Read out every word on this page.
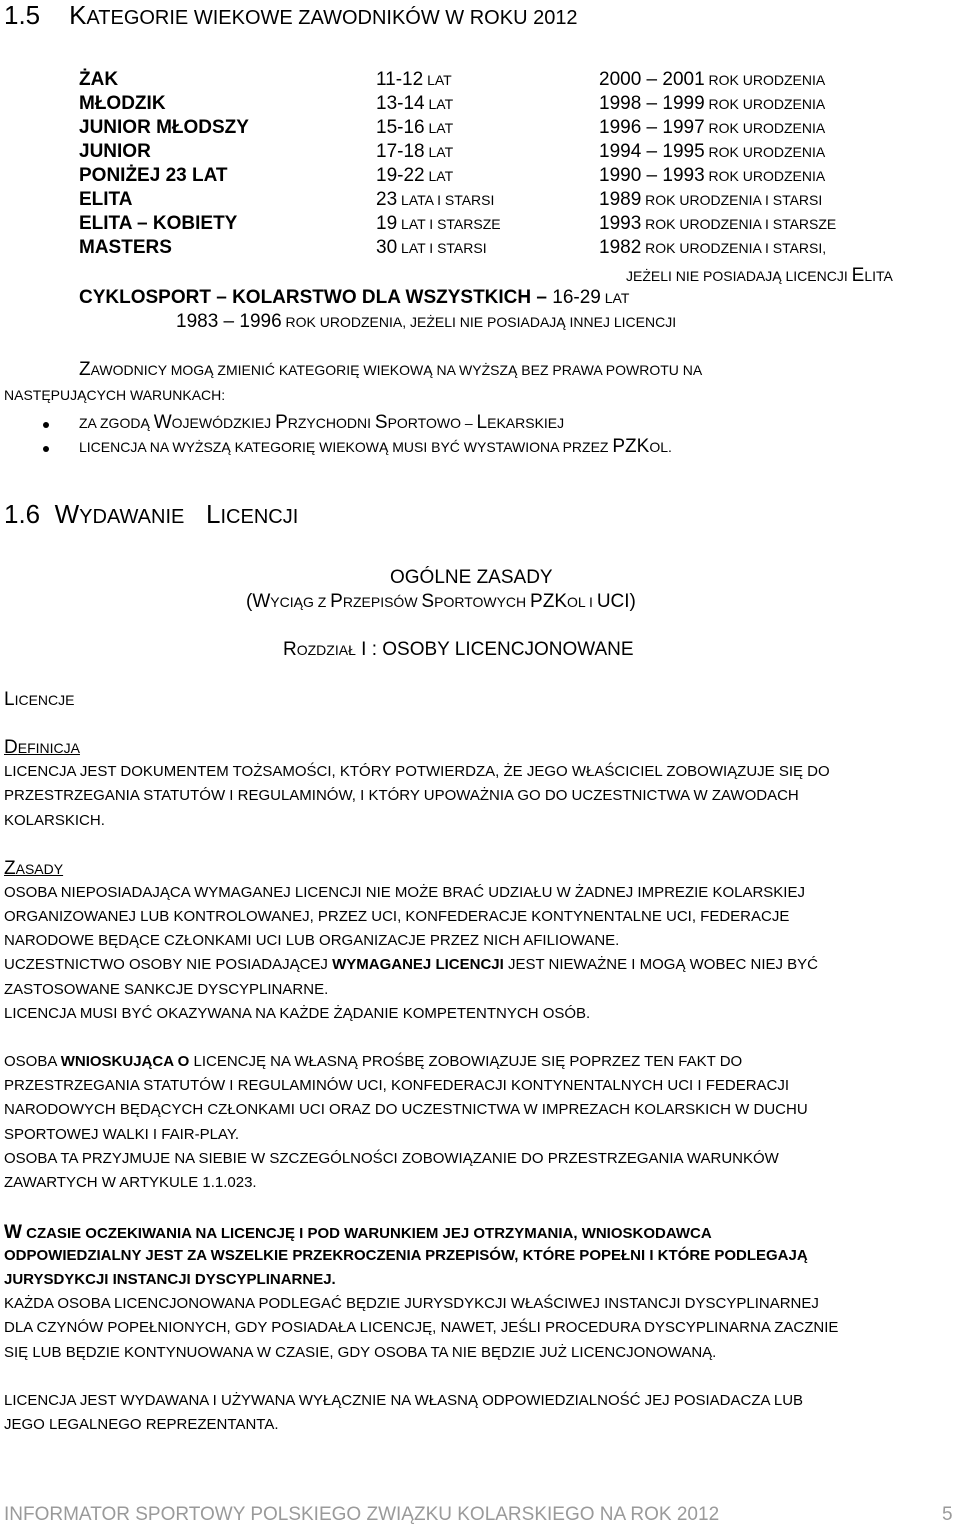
1.5 KATEGORIE WIEKOWE ZAWODNIKÓW W ROKU 2012
ŻAK	11-12 LAT	2000 – 2001 ROK URODZENIA
MŁODZIK	13-14 LAT	1998 – 1999 ROK URODZENIA
JUNIOR MŁODSZY	15-16 LAT	1996 – 1997 ROK URODZENIA
JUNIOR	17-18 LAT	1994 – 1995 ROK URODZENIA
PONIŻEJ 23 LAT	19-22 LAT	1990 – 1993 ROK URODZENIA
ELITA	23 LATA I STARSI	1989 ROK URODZENIA I STARSI
ELITA – KOBIETY	19 LAT I STARSZE	1993 ROK URODZENIA I STARSZE
MASTERS	30 LAT I STARSI	1982 ROK URODZENIA I STARSI,
JEŻELI NIE POSIADAJĄ LICENCJI ELITA
CYKLOSPORT – KOLARSTWO DLA WSZYSTKICH – 16-29 LAT
1983 – 1996 ROK URODZENIA, JEŻELI NIE POSIADAJĄ INNEJ LICENCJI
ZAWODNICY MOGĄ ZMIENIĆ KATEGORIĘ WIEKOWĄ NA WYŻSZĄ BEZ PRAWA POWROTU NA
NASTĘPUJĄCYCH WARUNKACH:
ZA ZGODĄ WOJEWÓDZKIEJ PRZYCHODNI SPORTOWO – LEKARSKIEJ
LICENCJA NA WYŻSZĄ KATEGORIĘ WIEKOWĄ MUSI BYĆ WYSTAWIONA PRZEZ PZKOL.
1.6 WYDAWANIE LICENCJI
OGÓLNE ZASADY
(WYCIĄG Z PRZEPISÓW SPORTOWYCH PZKOL I UCI)
ROZDZIAŁ I : OSOBY LICENCJONOWANE
LICENCJE
DEFINICJA
LICENCJA JEST DOKUMENTEM TOŻSAMOŚCI, KTÓRY POTWIERDZA, ŻE JEGO WŁAŚCICIEL ZOBOWIĄZUJE SIĘ DO
PRZESTRZEGANIA STATUTÓW I REGULAMINÓW, I KTÓRY UPOWAŻNIA GO DO UCZESTNICTWA W ZAWODACH
KOLARSKICH.
ZASADY
OSOBA NIEPOSIADAJĄCA WYMAGANEJ LICENCJI NIE MOŻE BRAĆ UDZIAŁU W ŻADNEJ IMPREZIE KOLARSKIEJ
ORGANIZOWANEJ LUB KONTROLOWANEJ, PRZEZ UCI, KONFEDERACJE KONTYNENTALNE UCI, FEDERACJE
NARODOWE BĘDĄCE CZŁONKAMI UCI LUB ORGANIZACJE PRZEZ NICH AFILIOWANE.
UCZESTNICTWO OSOBY NIE POSIADAJĄCEJ WYMAGANEJ LICENCJI JEST NIEWAŻNE I MOGĄ WOBEC NIEJ BYĆ
ZASTOSOWANE SANKCJE DYSCYPLINARNE.
LICENCJA MUSI BYĆ OKAZYWANA NA KAŻDE ŻĄDANIE KOMPETENTNYCH OSÓB.
OSOBA WNIOSKUJĄCA O LICENCJĘ NA WŁASNĄ PROŚBĘ ZOBOWIĄZUJE SIĘ POPRZEZ TEN FAKT DO
PRZESTRZEGANIA STATUTÓW I REGULAMINÓW UCI, KONFEDERACJI KONTYNENTALNYCH UCI I FEDERACJI
NARODOWYCH BĘDĄCYCH CZŁONKAMI UCI ORAZ DO UCZESTNICTWA W IMPREZACH KOLARSKICH W DUCHU
SPORTOWEJ WALKI I FAIR-PLAY.
OSOBA TA PRZYJMUJE NA SIEBIE W SZCZEGÓLNOŚCI ZOBOWIĄZANIE DO PRZESTRZEGANIA WARUNKÓW
ZAWARTYCH W ARTYKULE 1.1.023.
W CZASIE OCZEKIWANIA NA LICENCJĘ I POD WARUNKIEM JEJ OTRZYMANIA, WNIOSKODAWCA
ODPOWIEDZIALNY JEST ZA WSZELKIE PRZEKROCZENIA PRZEPISÓW, KTÓRE POPEŁNI I KTÓRE PODLEGAJĄ
JURYSDYKCJI INSTANCJI DYSCYPLINARNEJ.
KAŻDA OSOBA LICENCJONOWANA PODLEGAĆ BĘDZIE JURYSDYKCJI WŁAŚCIWEJ INSTANCJI DYSCYPLINARNEJ
DLA CZYNÓW POPEŁNIONYCH, GDY POSIADAŁA LICENCJĘ, NAWET, JEŚLI PROCEDURA DYSCYPLINARNA ZACZNIE
SIĘ LUB BĘDZIE KONTYNUOWANA W CZASIE, GDY OSOBA TA NIE BĘDZIE JUŻ LICENCJONOWANĄ.
LICENCJA JEST WYDAWANA I UŻYWANA WYŁĄCZNIE NA WŁASNĄ ODPOWIEDZIALNOŚĆ JEJ POSIADACZA LUB
JEGO LEGALNEGO REPREZENTANTA.
INFORMATOR SPORTOWY POLSKIEGO ZWIĄZKU KOLARSKIEGO NA ROK 2012	5
